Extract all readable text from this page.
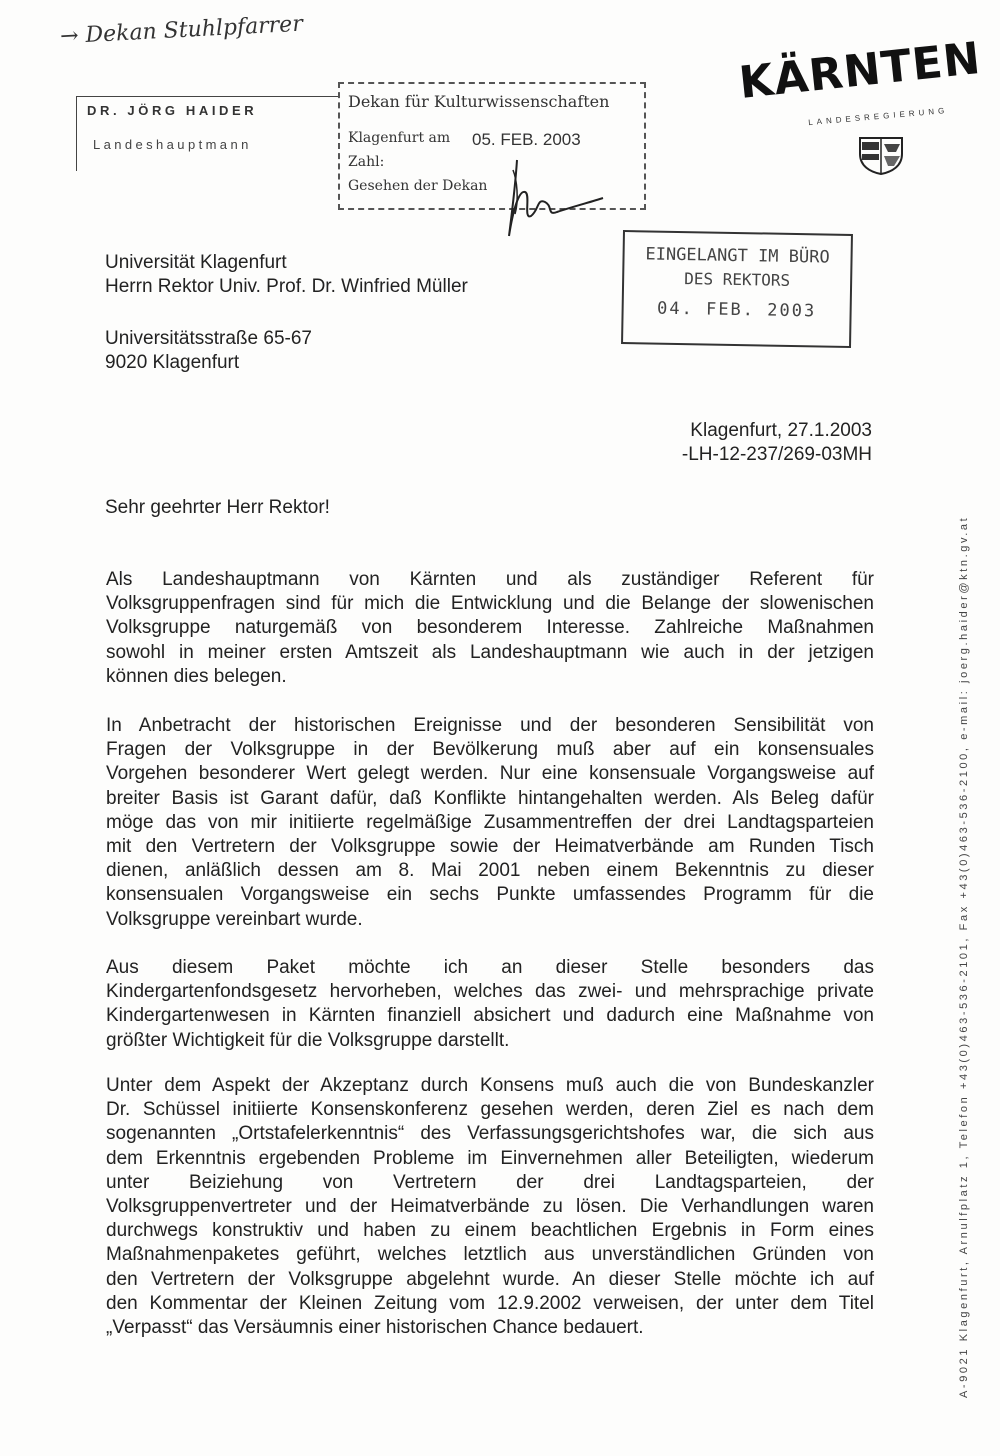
→ Dekan Stuhlpfarrer
DR. JÖRG HAIDER
Landeshauptmann
Dekan für Kulturwissenschaften
Klagenfurt am 05. FEB. 2003
Zahl:
Gesehen der Dekan
EINGELANGT IM BÜRO
DES REKTORS
04. FEB. 2003
KÄRNTEN
LANDESREGIERUNG
Universität Klagenfurt
Herrn Rektor Univ. Prof. Dr. Winfried Müller
Universitätsstraße 65-67
9020 Klagenfurt
Klagenfurt, 27.1.2003
-LH-12-237/269-03MH
Sehr geehrter Herr Rektor!
Als Landeshauptmann von Kärnten und als zuständiger Referent für
Volksgruppenfragen sind für mich die Entwicklung und die Belange der slowenischen
Volksgruppe naturgemäß von besonderem Interesse. Zahlreiche Maßnahmen
sowohl in meiner ersten Amtszeit als Landeshauptmann wie auch in der jetzigen
können dies belegen.
In Anbetracht der historischen Ereignisse und der besonderen Sensibilität von
Fragen der Volksgruppe in der Bevölkerung muß aber auf ein konsensuales
Vorgehen besonderer Wert gelegt werden. Nur eine konsensuale Vorgangsweise auf
breiter Basis ist Garant dafür, daß Konflikte hintangehalten werden. Als Beleg dafür
möge das von mir initiierte regelmäßige Zusammentreffen der drei Landtagsparteien
mit den Vertretern der Volksgruppe sowie der Heimatverbände am Runden Tisch
dienen, anläßlich dessen am 8. Mai 2001 neben einem Bekenntnis zu dieser
konsensualen Vorgangsweise ein sechs Punkte umfassendes Programm für die
Volksgruppe vereinbart wurde.
Aus diesem Paket möchte ich an dieser Stelle besonders das
Kindergartenfondsgesetz hervorheben, welches das zwei- und mehrsprachige private
Kindergartenwesen in Kärnten finanziell absichert und dadurch eine Maßnahme von
größter Wichtigkeit für die Volksgruppe darstellt.
Unter dem Aspekt der Akzeptanz durch Konsens muß auch die von Bundeskanzler
Dr. Schüssel initiierte Konsenskonferenz gesehen werden, deren Ziel es nach dem
sogenannten „Ortstafelerkenntnis“ des Verfassungsgerichtshofes war, die sich aus
dem Erkenntnis ergebenden Probleme im Einvernehmen aller Beteiligten, wiederum
unter Beiziehung von Vertretern der drei Landtagsparteien, der
Volksgruppenvertreter und der Heimatverbände zu lösen. Die Verhandlungen waren
durchwegs konstruktiv und haben zu einem beachtlichen Ergebnis in Form eines
Maßnahmenpaketes geführt, welches letztlich aus unverständlichen Gründen von
den Vertretern der Volksgruppe abgelehnt wurde. An dieser Stelle möchte ich auf
den Kommentar der Kleinen Zeitung vom 12.9.2002 verweisen, der unter dem Titel
„Verpasst“ das Versäumnis einer historischen Chance bedauert.	A-9021 Klagenfurt, Arnulfplatz 1, Telefon +43(0)463-536-2101, Fax +43(0)463-536-2100, e-mail: joerg.haider@ktn.gv.at
